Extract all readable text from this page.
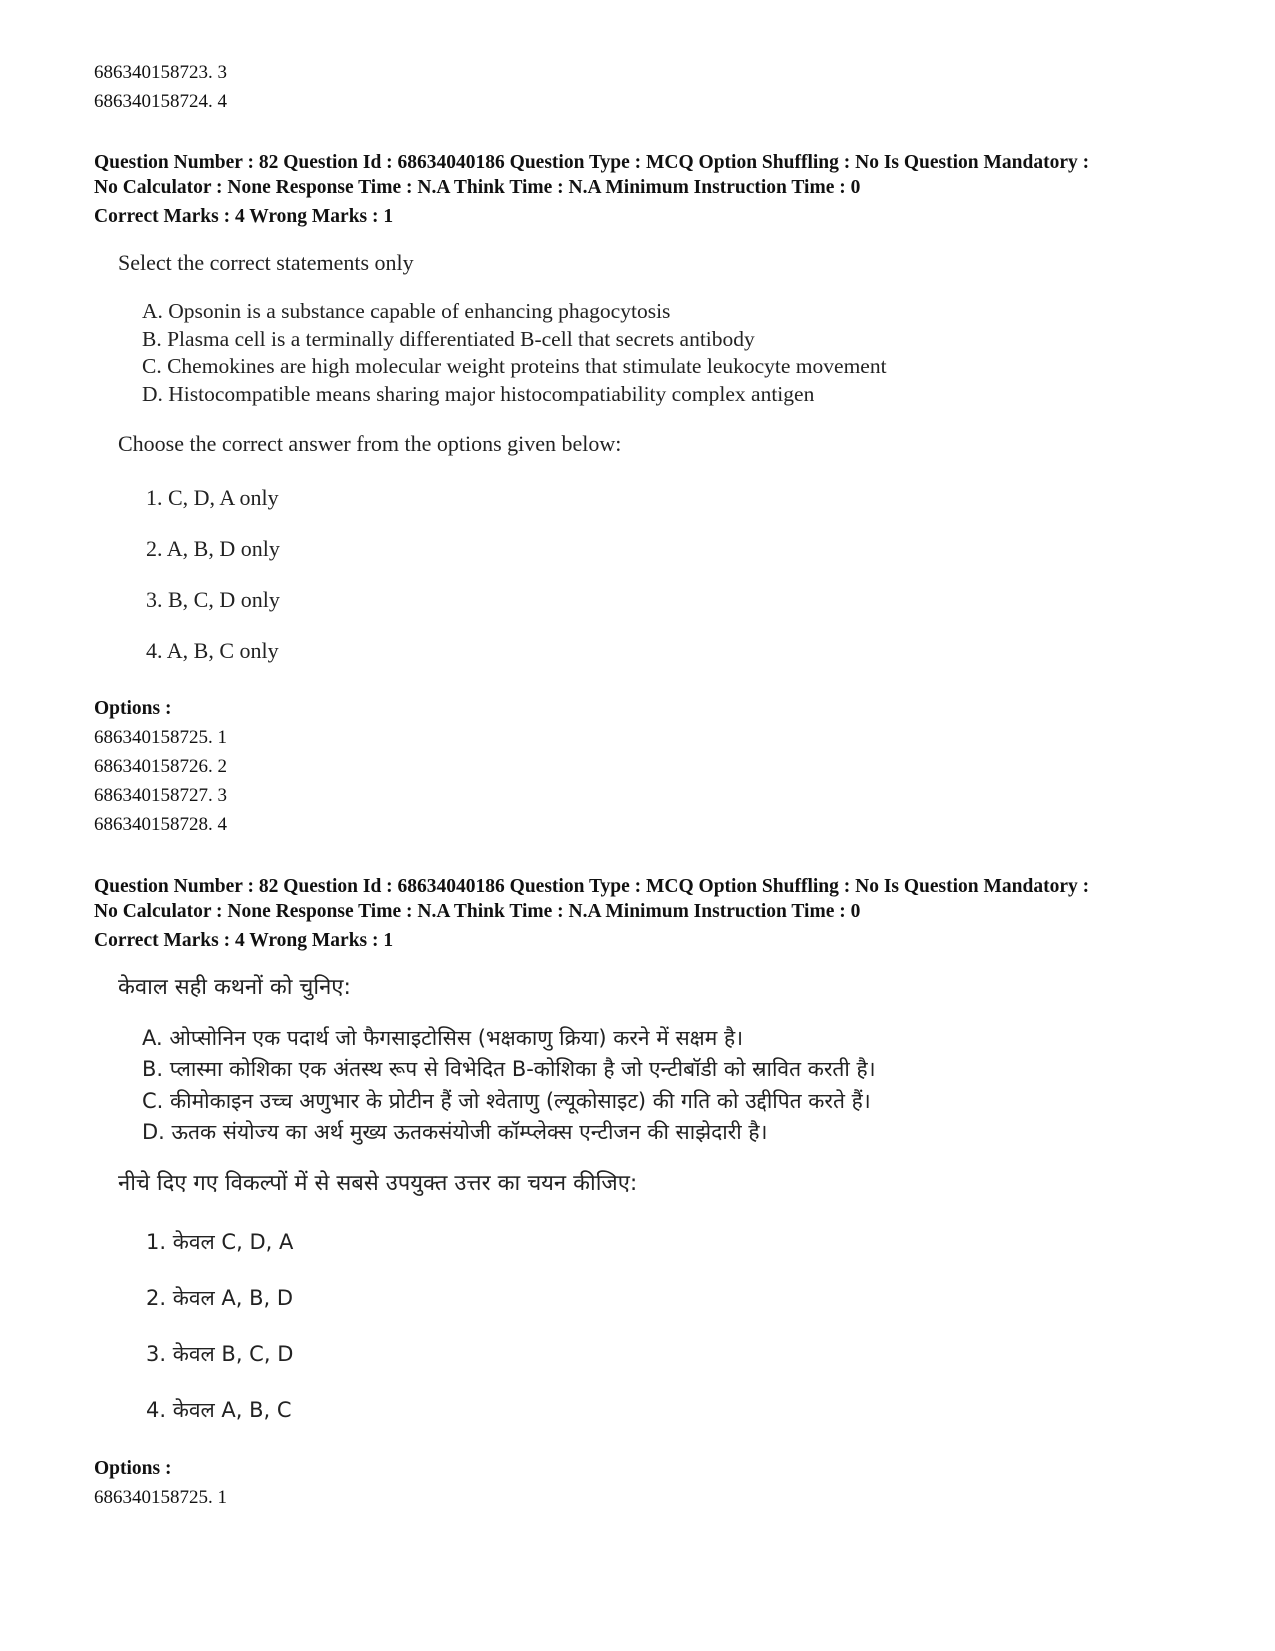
686340158723. 3

686340158724. 4

Question Number : 82 Question Id : 68634040186 Question Type : MCQ Option Shuffling : No Is Question Mandatory :

No Calculator : None Response Time : N.A Think Time : N.A Minimum Instruction Time : 0

Correct Marks : 4 Wrong Marks : 1

Select the correct statements only

A. Opsonin is a substance capable of enhancing phagocytosis

B. Plasma cell is a terminally differentiated B-cell that secrets antibody

C. Chemokines are high molecular weight proteins that stimulate leukocyte movement

D. Histocompatible means sharing major histocompatiability complex antigen

Choose the correct answer from the options given below:

1. C, D, A only

2. A, B, D only

3. B, C, D only

4. A, B, C only

Options :

686340158725. 1

686340158726. 2

686340158727. 3

686340158728. 4

Question Number : 82 Question Id : 68634040186 Question Type : MCQ Option Shuffling : No Is Question Mandatory :

No Calculator : None Response Time : N.A Think Time : N.A Minimum Instruction Time : 0

Correct Marks : 4 Wrong Marks : 1

केवाल सही कथनों को चुनिए:

A. ओप्सोनिन एक पदार्थ जो फैगसाइटोसिस (भक्षकाणु क्रिया) करने में सक्षम है।

B. प्लास्मा कोशिका एक अंतस्थ रूप से विभेदित B-कोशिका है जो एन्टीबॉडी को स्रावित करती है।

C. कीमोकाइन उच्च अणुभार के प्रोटीन हैं जो श्वेताणु (ल्यूकोसाइट) की गति को उद्दीपित करते हैं।

D. ऊतक संयोज्य का अर्थ मुख्य ऊतकसंयोजी कॉम्प्लेक्स एन्टीजन की साझेदारी है।

नीचे दिए गए विकल्पों में से सबसे उपयुक्त उत्तर का चयन कीजिए:

1. केवल C, D, A

2. केवल A, B, D

3. केवल B, C, D

4. केवल A, B, C

Options :

686340158725. 1
